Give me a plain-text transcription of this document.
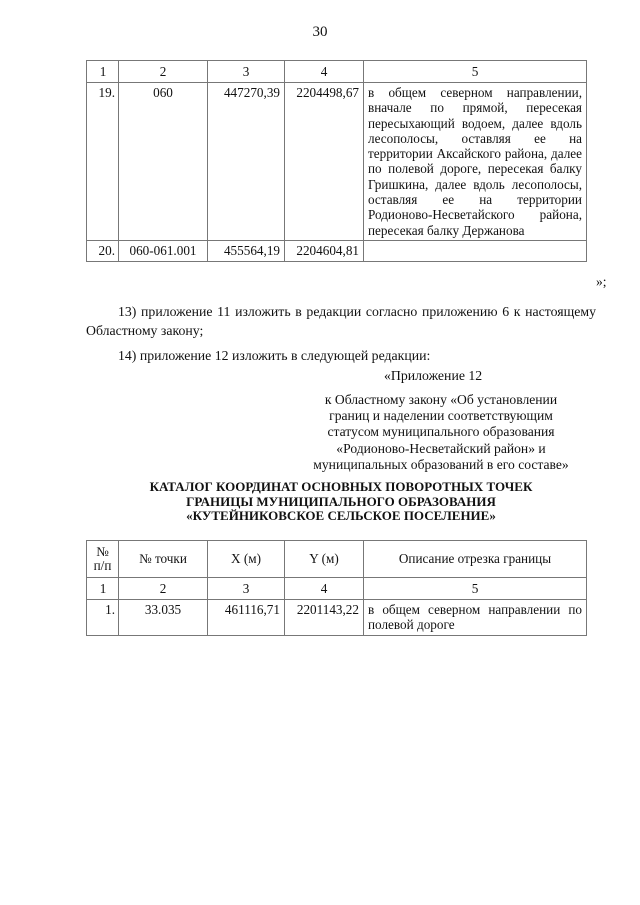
30
1	2	3	4	5
19.	060	447270,39	2204498,67	в общем северном направлении, вначале по прямой, пересекая пересыхающий водоем, далее вдоль лесополосы, оставляя ее на территории Аксайского района, далее по полевой дороге, пересекая балку Гришкина, далее вдоль лесополосы, оставляя ее на территории Родионово-Несветайского района, пересекая балку Держанова
20.	060-061.001	455564,19	2204604,81	
»;
13) приложение 11 изложить в редакции согласно приложению 6 к настоящему Областному закону;
14) приложение 12 изложить в следующей редакции:
«Приложение 12
к Областному закону «Об установлении
границ и наделении соответствующим
статусом муниципального образования
«Родионово-Несветайский район» и
муниципальных образований в его составе»
КАТАЛОГ КООРДИНАТ ОСНОВНЫХ ПОВОРОТНЫХ ТОЧЕК
ГРАНИЦЫ МУНИЦИПАЛЬНОГО ОБРАЗОВАНИЯ
«КУТЕЙНИКОВСКОЕ СЕЛЬСКОЕ ПОСЕЛЕНИЕ»
№
п/п	№ точки	X (м)	Y (м)	Описание отрезка границы
1	2	3	4	5
1.	33.035	461116,71	2201143,22	в общем северном направлении по полевой дороге
